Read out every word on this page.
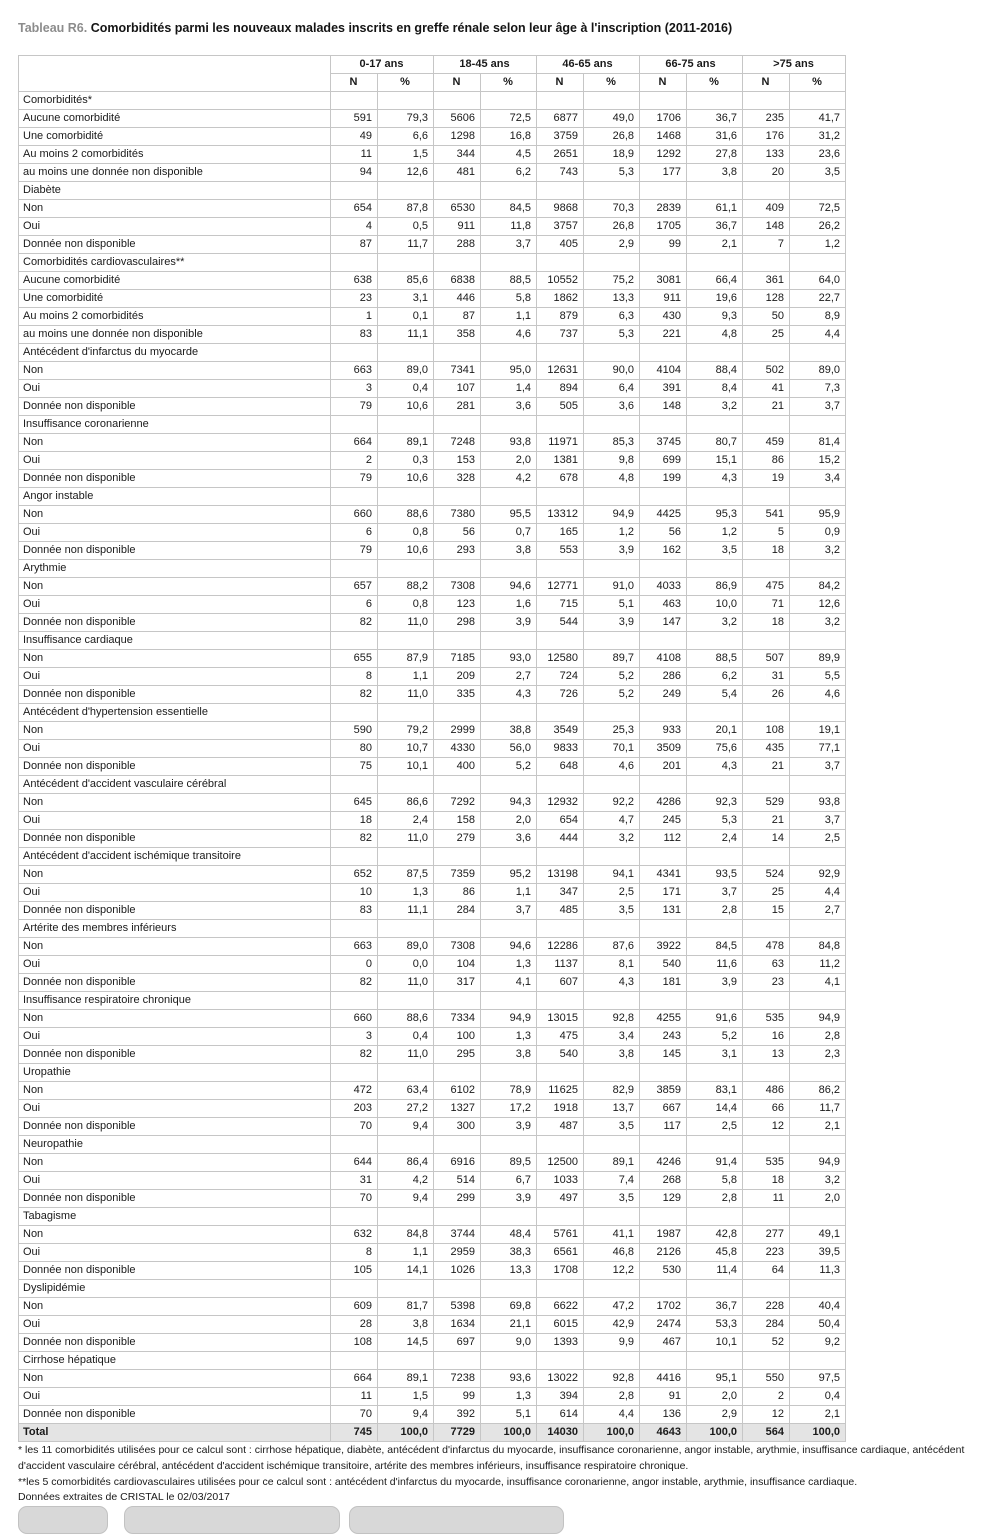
Tableau R6. Comorbidités parmi les nouveaux malades inscrits en greffe rénale selon leur âge à l'inscription (2011-2016)
	0-17 ans		18-45 ans		46-65 ans		66-75 ans		>75 ans	
	N	%	N	%	N	%	N	%	N	%
Comorbidités*										
Aucune comorbidité	591	79,3	5606	72,5	6877	49,0	1706	36,7	235	41,7
Une comorbidité	49	6,6	1298	16,8	3759	26,8	1468	31,6	176	31,2
Au moins 2 comorbidités	11	1,5	344	4,5	2651	18,9	1292	27,8	133	23,6
au moins une donnée non disponible	94	12,6	481	6,2	743	5,3	177	3,8	20	3,5
Diabète										
Non	654	87,8	6530	84,5	9868	70,3	2839	61,1	409	72,5
Oui	4	0,5	911	11,8	3757	26,8	1705	36,7	148	26,2
Donnée non disponible	87	11,7	288	3,7	405	2,9	99	2,1	7	1,2
Comorbidités cardiovasculaires**										
Aucune comorbidité	638	85,6	6838	88,5	10552	75,2	3081	66,4	361	64,0
Une comorbidité	23	3,1	446	5,8	1862	13,3	911	19,6	128	22,7
Au moins 2 comorbidités	1	0,1	87	1,1	879	6,3	430	9,3	50	8,9
au moins une donnée non disponible	83	11,1	358	4,6	737	5,3	221	4,8	25	4,4
Antécédent d'infarctus du myocarde										
Non	663	89,0	7341	95,0	12631	90,0	4104	88,4	502	89,0
Oui	3	0,4	107	1,4	894	6,4	391	8,4	41	7,3
Donnée non disponible	79	10,6	281	3,6	505	3,6	148	3,2	21	3,7
Insuffisance coronarienne										
Non	664	89,1	7248	93,8	11971	85,3	3745	80,7	459	81,4
Oui	2	0,3	153	2,0	1381	9,8	699	15,1	86	15,2
Donnée non disponible	79	10,6	328	4,2	678	4,8	199	4,3	19	3,4
Angor instable										
Non	660	88,6	7380	95,5	13312	94,9	4425	95,3	541	95,9
Oui	6	0,8	56	0,7	165	1,2	56	1,2	5	0,9
Donnée non disponible	79	10,6	293	3,8	553	3,9	162	3,5	18	3,2
Arythmie										
Non	657	88,2	7308	94,6	12771	91,0	4033	86,9	475	84,2
Oui	6	0,8	123	1,6	715	5,1	463	10,0	71	12,6
Donnée non disponible	82	11,0	298	3,9	544	3,9	147	3,2	18	3,2
Insuffisance cardiaque										
Non	655	87,9	7185	93,0	12580	89,7	4108	88,5	507	89,9
Oui	8	1,1	209	2,7	724	5,2	286	6,2	31	5,5
Donnée non disponible	82	11,0	335	4,3	726	5,2	249	5,4	26	4,6
Antécédent d'hypertension essentielle										
Non	590	79,2	2999	38,8	3549	25,3	933	20,1	108	19,1
Oui	80	10,7	4330	56,0	9833	70,1	3509	75,6	435	77,1
Donnée non disponible	75	10,1	400	5,2	648	4,6	201	4,3	21	3,7
Antécédent d'accident vasculaire cérébral										
Non	645	86,6	7292	94,3	12932	92,2	4286	92,3	529	93,8
Oui	18	2,4	158	2,0	654	4,7	245	5,3	21	3,7
Donnée non disponible	82	11,0	279	3,6	444	3,2	112	2,4	14	2,5
Antécédent d'accident ischémique transitoire										
Non	652	87,5	7359	95,2	13198	94,1	4341	93,5	524	92,9
Oui	10	1,3	86	1,1	347	2,5	171	3,7	25	4,4
Donnée non disponible	83	11,1	284	3,7	485	3,5	131	2,8	15	2,7
Artérite des membres inférieurs										
Non	663	89,0	7308	94,6	12286	87,6	3922	84,5	478	84,8
Oui	0	0,0	104	1,3	1137	8,1	540	11,6	63	11,2
Donnée non disponible	82	11,0	317	4,1	607	4,3	181	3,9	23	4,1
Insuffisance respiratoire chronique										
Non	660	88,6	7334	94,9	13015	92,8	4255	91,6	535	94,9
Oui	3	0,4	100	1,3	475	3,4	243	5,2	16	2,8
Donnée non disponible	82	11,0	295	3,8	540	3,8	145	3,1	13	2,3
Uropathie										
Non	472	63,4	6102	78,9	11625	82,9	3859	83,1	486	86,2
Oui	203	27,2	1327	17,2	1918	13,7	667	14,4	66	11,7
Donnée non disponible	70	9,4	300	3,9	487	3,5	117	2,5	12	2,1
Neuropathie										
Non	644	86,4	6916	89,5	12500	89,1	4246	91,4	535	94,9
Oui	31	4,2	514	6,7	1033	7,4	268	5,8	18	3,2
Donnée non disponible	70	9,4	299	3,9	497	3,5	129	2,8	11	2,0
Tabagisme										
Non	632	84,8	3744	48,4	5761	41,1	1987	42,8	277	49,1
Oui	8	1,1	2959	38,3	6561	46,8	2126	45,8	223	39,5
Donnée non disponible	105	14,1	1026	13,3	1708	12,2	530	11,4	64	11,3
Dyslipidémie										
Non	609	81,7	5398	69,8	6622	47,2	1702	36,7	228	40,4
Oui	28	3,8	1634	21,1	6015	42,9	2474	53,3	284	50,4
Donnée non disponible	108	14,5	697	9,0	1393	9,9	467	10,1	52	9,2
Cirrhose hépatique										
Non	664	89,1	7238	93,6	13022	92,8	4416	95,1	550	97,5
Oui	11	1,5	99	1,3	394	2,8	91	2,0	2	0,4
Donnée non disponible	70	9,4	392	5,1	614	4,4	136	2,9	12	2,1
Total	745	100,0	7729	100,0	14030	100,0	4643	100,0	564	100,0

* les 11 comorbidités utilisées pour ce calcul sont : cirrhose hépatique, diabète, antécédent d'infarctus du myocarde, insuffisance coronarienne, angor instable, arythmie, insuffisance cardiaque, antécédent d'accident vasculaire cérébral, antécédent d'accident ischémique transitoire, artérite des membres inférieurs, insuffisance respiratoire chronique.

**les 5 comorbidités cardiovasculaires utilisées pour ce calcul sont : antécédent d'infarctus du myocarde, insuffisance coronarienne, angor instable, arythmie, insuffisance cardiaque.

Données extraites de CRISTAL le 02/03/2017
